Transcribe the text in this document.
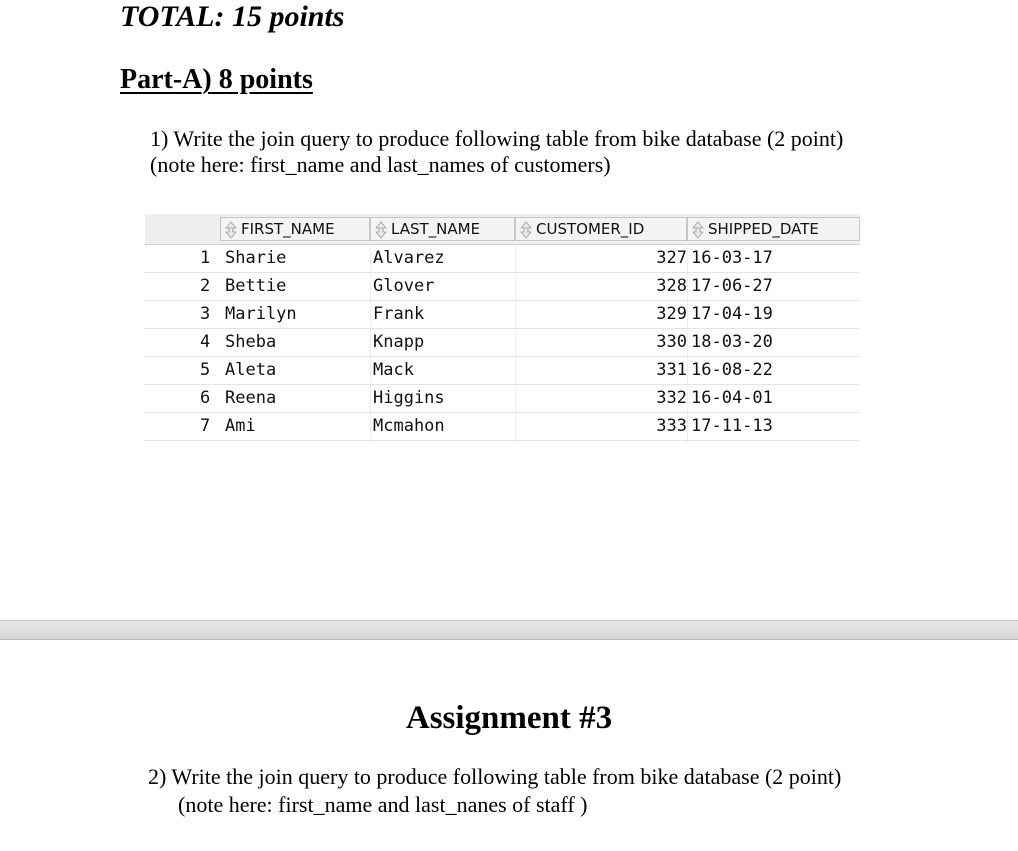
TOTAL: 15 points
Part-A) 8 points
1) Write the join query to produce following table from bike database (2 point)
(note here: first_name and last_names of customers)
FIRST_NAME	LAST_NAME	CUSTOMER_ID	SHIPPED_DATE
1 Sharie	Alvarez	327 16-03-17
2 Bettie	Glover	328 17-06-27
3 Marilyn	Frank	329 17-04-19
4 Sheba	Knapp	330 18-03-20
5 Aleta	Mack	331 16-08-22
6 Reena	Higgins	332 16-04-01
7 Ami	Mcmahon	333 17-11-13
Assignment #3
2) Write the join query to produce following table from bike database (2 point)
(note here: first_name and last_nanes of staff )
